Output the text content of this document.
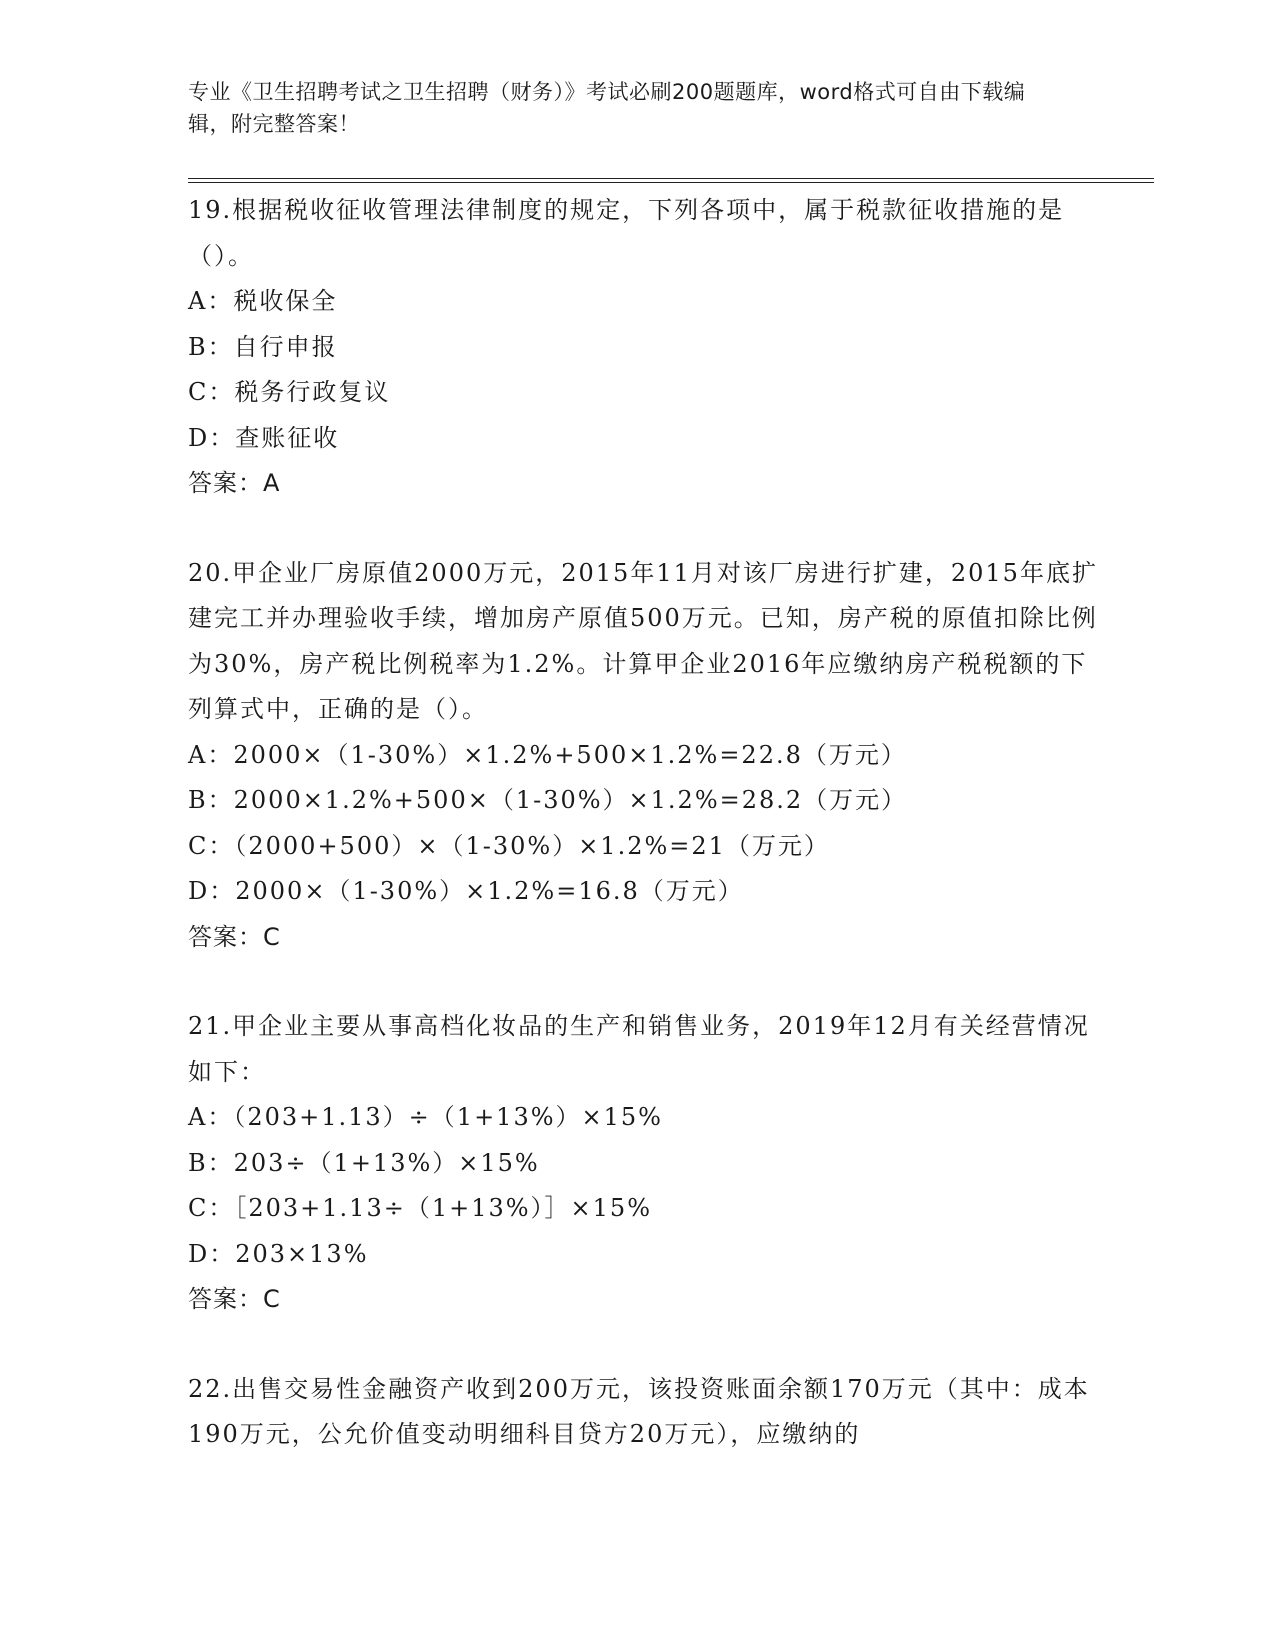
专业《卫生招聘考试之卫生招聘（财务）》考试必刷200题题库，word格式可自由下载编辑，附完整答案！

19.根据税收征收管理法律制度的规定，下列各项中，属于税款征收措施的是（）。

A：税收保全

B：自行申报

C：税务行政复议

D：查账征收

答案：A

20.甲企业厂房原值2000万元，2015年11月对该厂房进行扩建，2015年底扩建完工并办理验收手续，增加房产原值500万元。已知，房产税的原值扣除比例为30%，房产税比例税率为1.2%。计算甲企业2016年应缴纳房产税税额的下列算式中，正确的是（）。

A：2000×（1-30%）×1.2%+500×1.2%=22.8（万元）

B：2000×1.2%+500×（1-30%）×1.2%=28.2（万元）

C：（2000+500）×（1-30%）×1.2%=21（万元）

D：2000×（1-30%）×1.2%=16.8（万元）

答案：C

21.甲企业主要从事高档化妆品的生产和销售业务，2019年12月有关经营情况如下：

A：（203+1.13）÷（1+13%）×15%

B：203÷（1+13%）×15%

C：［203+1.13÷（1+13%）］×15%

D：203×13%

答案：C

22.出售交易性金融资产收到200万元，该投资账面余额170万元（其中：成本190万元，公允价值变动明细科目贷方20万元），应缴纳的
